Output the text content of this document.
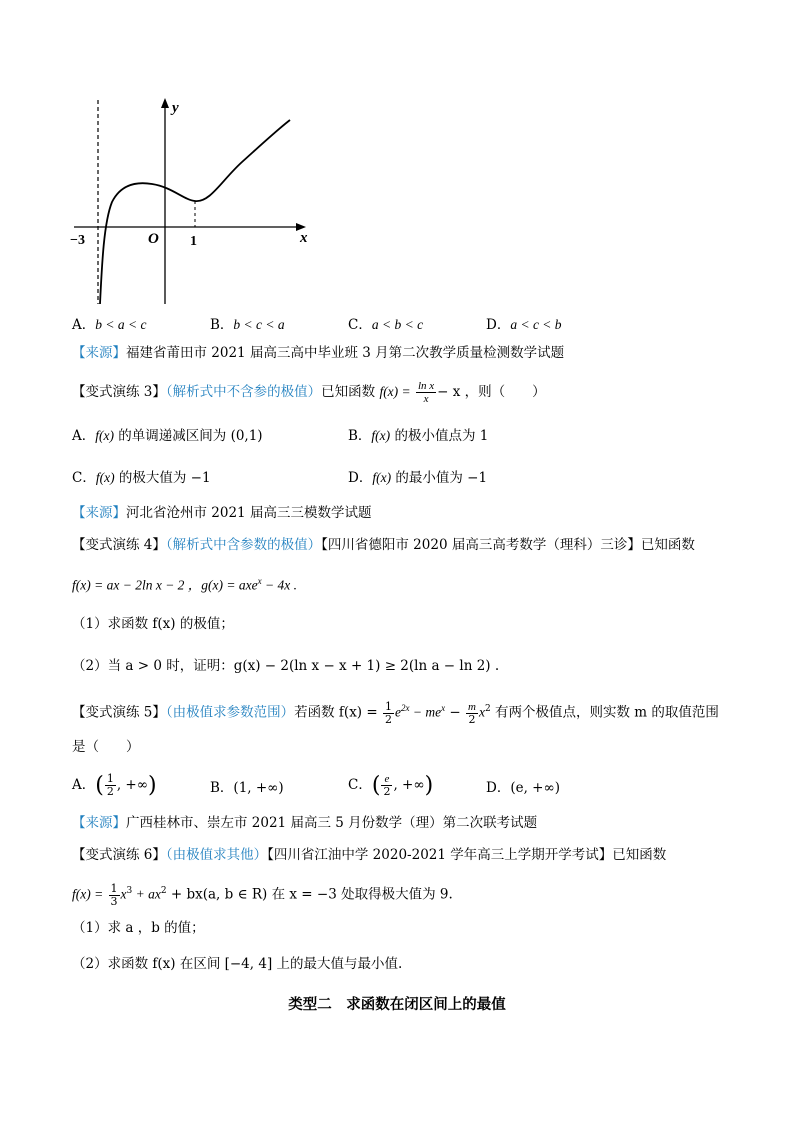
y
x
O
−3	1
A．b < a < c	B．b < c < a	C．a < b < c	D．a < c < b
【来源】福建省莆田市 2021 届高三高中毕业班 3 月第二次教学质量检测数学试题
【变式演练 3】（解析式中不含参的极值）已知函数 $f(x) = \frac{\text{ln x}}{x} - x$ ，则（　　）
A．f(x) 的单调递减区间为 (0,1)	B．f(x) 的极小值点为 1
C．f(x) 的极大值为 −1	D．f(x) 的最小值为 −1
【来源】河北省沧州市 2021 届高三三模数学试题
【变式演练 4】（解析式中含参数的极值）【四川省德阳市 2020 届高三高考数学（理科）三诊】已知函数
f(x) = ax − 2ln x − 2 ，g(x) = axe$^x$ − 4x .
（1）求函数 f(x) 的极值；
（2）当 a > 0 时，证明：g(x) − 2(ln x − x + 1) ≥ 2(ln a − ln 2) .
【变式演练 5】（由极值求参数范围）若函数 $f(x) = \frac{1}{2} e^{2x} - me^x - \frac{m}{2} x^2$ 有两个极值点，则实数 m 的取值范围
是（　　）
A．( $\frac{1}{2}$ , +∞)	B．(1, +∞)	C．( $\frac{e}{2}$ , +∞)	D．(e, +∞)
【来源】广西桂林市、崇左市 2021 届高三 5 月份数学（理）第二次联考试题
【变式演练 6】（由极值求其他）【四川省江油中学 2020-2021 学年高三上学期开学考试】已知函数
$f(x) = \frac{1}{3} x^3 + ax^2 + bx(a$, b ∈ R) 在 x = −3 处取得极大值为 9.
（1）求 a ，b 的值；
（2）求函数 f(x) 在区间 [−4, 4] 上的最大值与最小值.
类型二　求函数在闭区间上的最值
